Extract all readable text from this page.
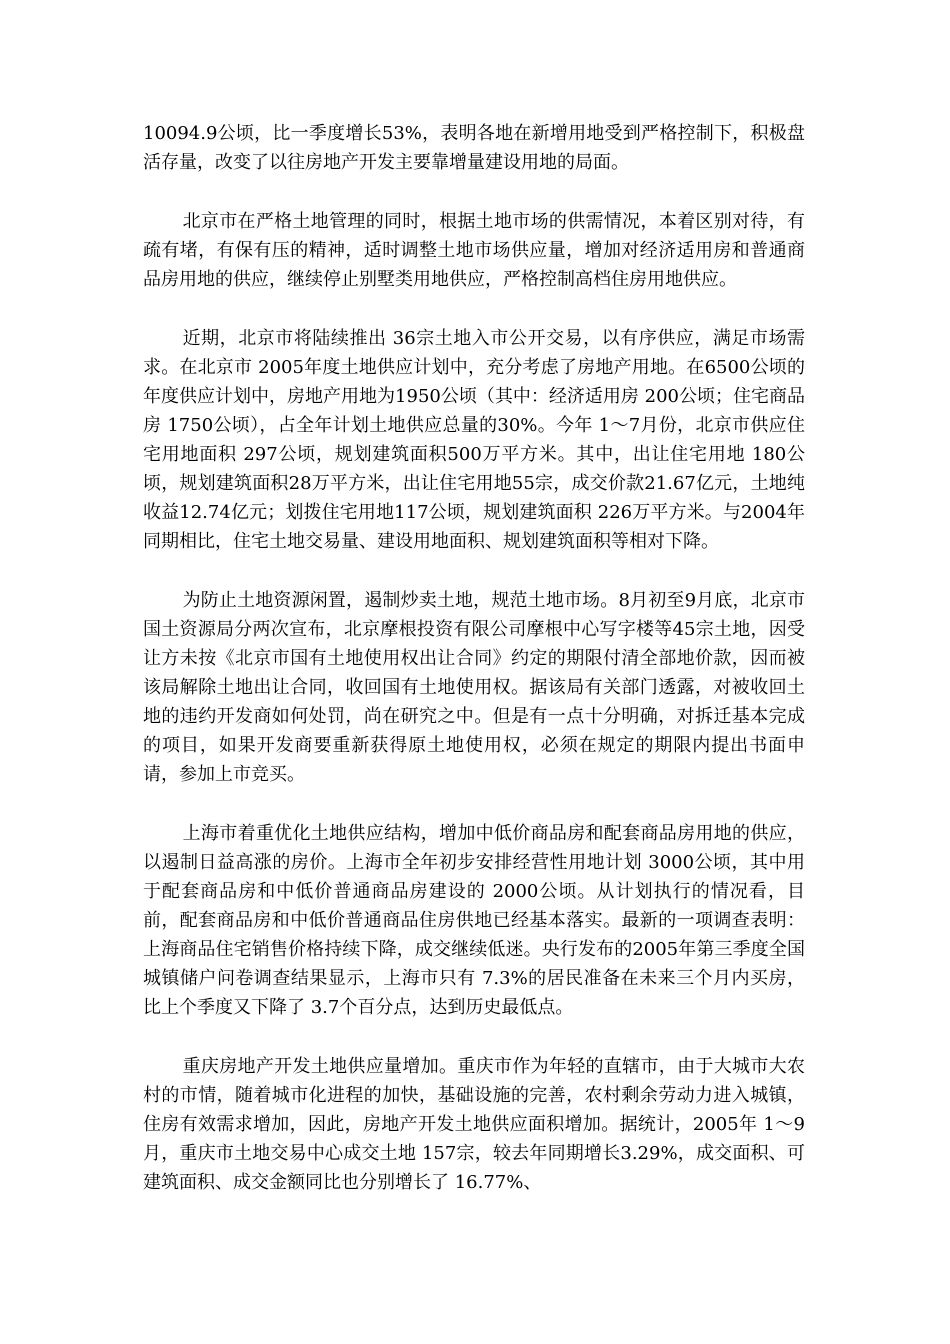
10094.9公顷，比一季度增长53%，表明各地在新增用地受到严格控制下，积极盘活存量，改变了以往房地产开发主要靠增量建设用地的局面。

北京市在严格土地管理的同时，根据土地市场的供需情况，本着区别对待，有疏有堵，有保有压的精神，适时调整土地市场供应量，增加对经济适用房和普通商品房用地的供应，继续停止别墅类用地供应，严格控制高档住房用地供应。

近期，北京市将陆续推出 36宗土地入市公开交易，以有序供应，满足市场需求。在北京市 2005年度土地供应计划中，充分考虑了房地产用地。在6500公顷的年度供应计划中，房地产用地为1950公顷（其中：经济适用房 200公顷；住宅商品房 1750公顷），占全年计划土地供应总量的30%。今年 1～7月份，北京市供应住宅用地面积 297公顷，规划建筑面积500万平方米。其中，出让住宅用地 180公顷，规划建筑面积28万平方米，出让住宅用地55宗，成交价款21.67亿元，土地纯收益12.74亿元；划拨住宅用地117公顷，规划建筑面积 226万平方米。与2004年同期相比，住宅土地交易量、建设用地面积、规划建筑面积等相对下降。

为防止土地资源闲置，遏制炒卖土地，规范土地市场。8月初至9月底，北京市国土资源局分两次宣布，北京摩根投资有限公司摩根中心写字楼等45宗土地，因受让方未按《北京市国有土地使用权出让合同》约定的期限付清全部地价款，因而被该局解除土地出让合同，收回国有土地使用权。据该局有关部门透露，对被收回土地的违约开发商如何处罚，尚在研究之中。但是有一点十分明确，对拆迁基本完成的项目，如果开发商要重新获得原土地使用权，必须在规定的期限内提出书面申请，参加上市竞买。

上海市着重优化土地供应结构，增加中低价商品房和配套商品房用地的供应，以遏制日益高涨的房价。上海市全年初步安排经营性用地计划 3000公顷，其中用于配套商品房和中低价普通商品房建设的 2000公顷。从计划执行的情况看，目前，配套商品房和中低价普通商品住房供地已经基本落实。最新的一项调查表明：上海商品住宅销售价格持续下降，成交继续低迷。央行发布的2005年第三季度全国城镇储户问卷调查结果显示，上海市只有 7.3%的居民准备在未来三个月内买房，比上个季度又下降了 3.7个百分点，达到历史最低点。

重庆房地产开发土地供应量增加。重庆市作为年轻的直辖市，由于大城市大农村的市情，随着城市化进程的加快，基础设施的完善，农村剩余劳动力进入城镇，住房有效需求增加，因此，房地产开发土地供应面积增加。据统计，2005年 1～9月，重庆市土地交易中心成交土地 157宗，较去年同期增长3.29%，成交面积、可建筑面积、成交金额同比也分别增长了 16.77%、
